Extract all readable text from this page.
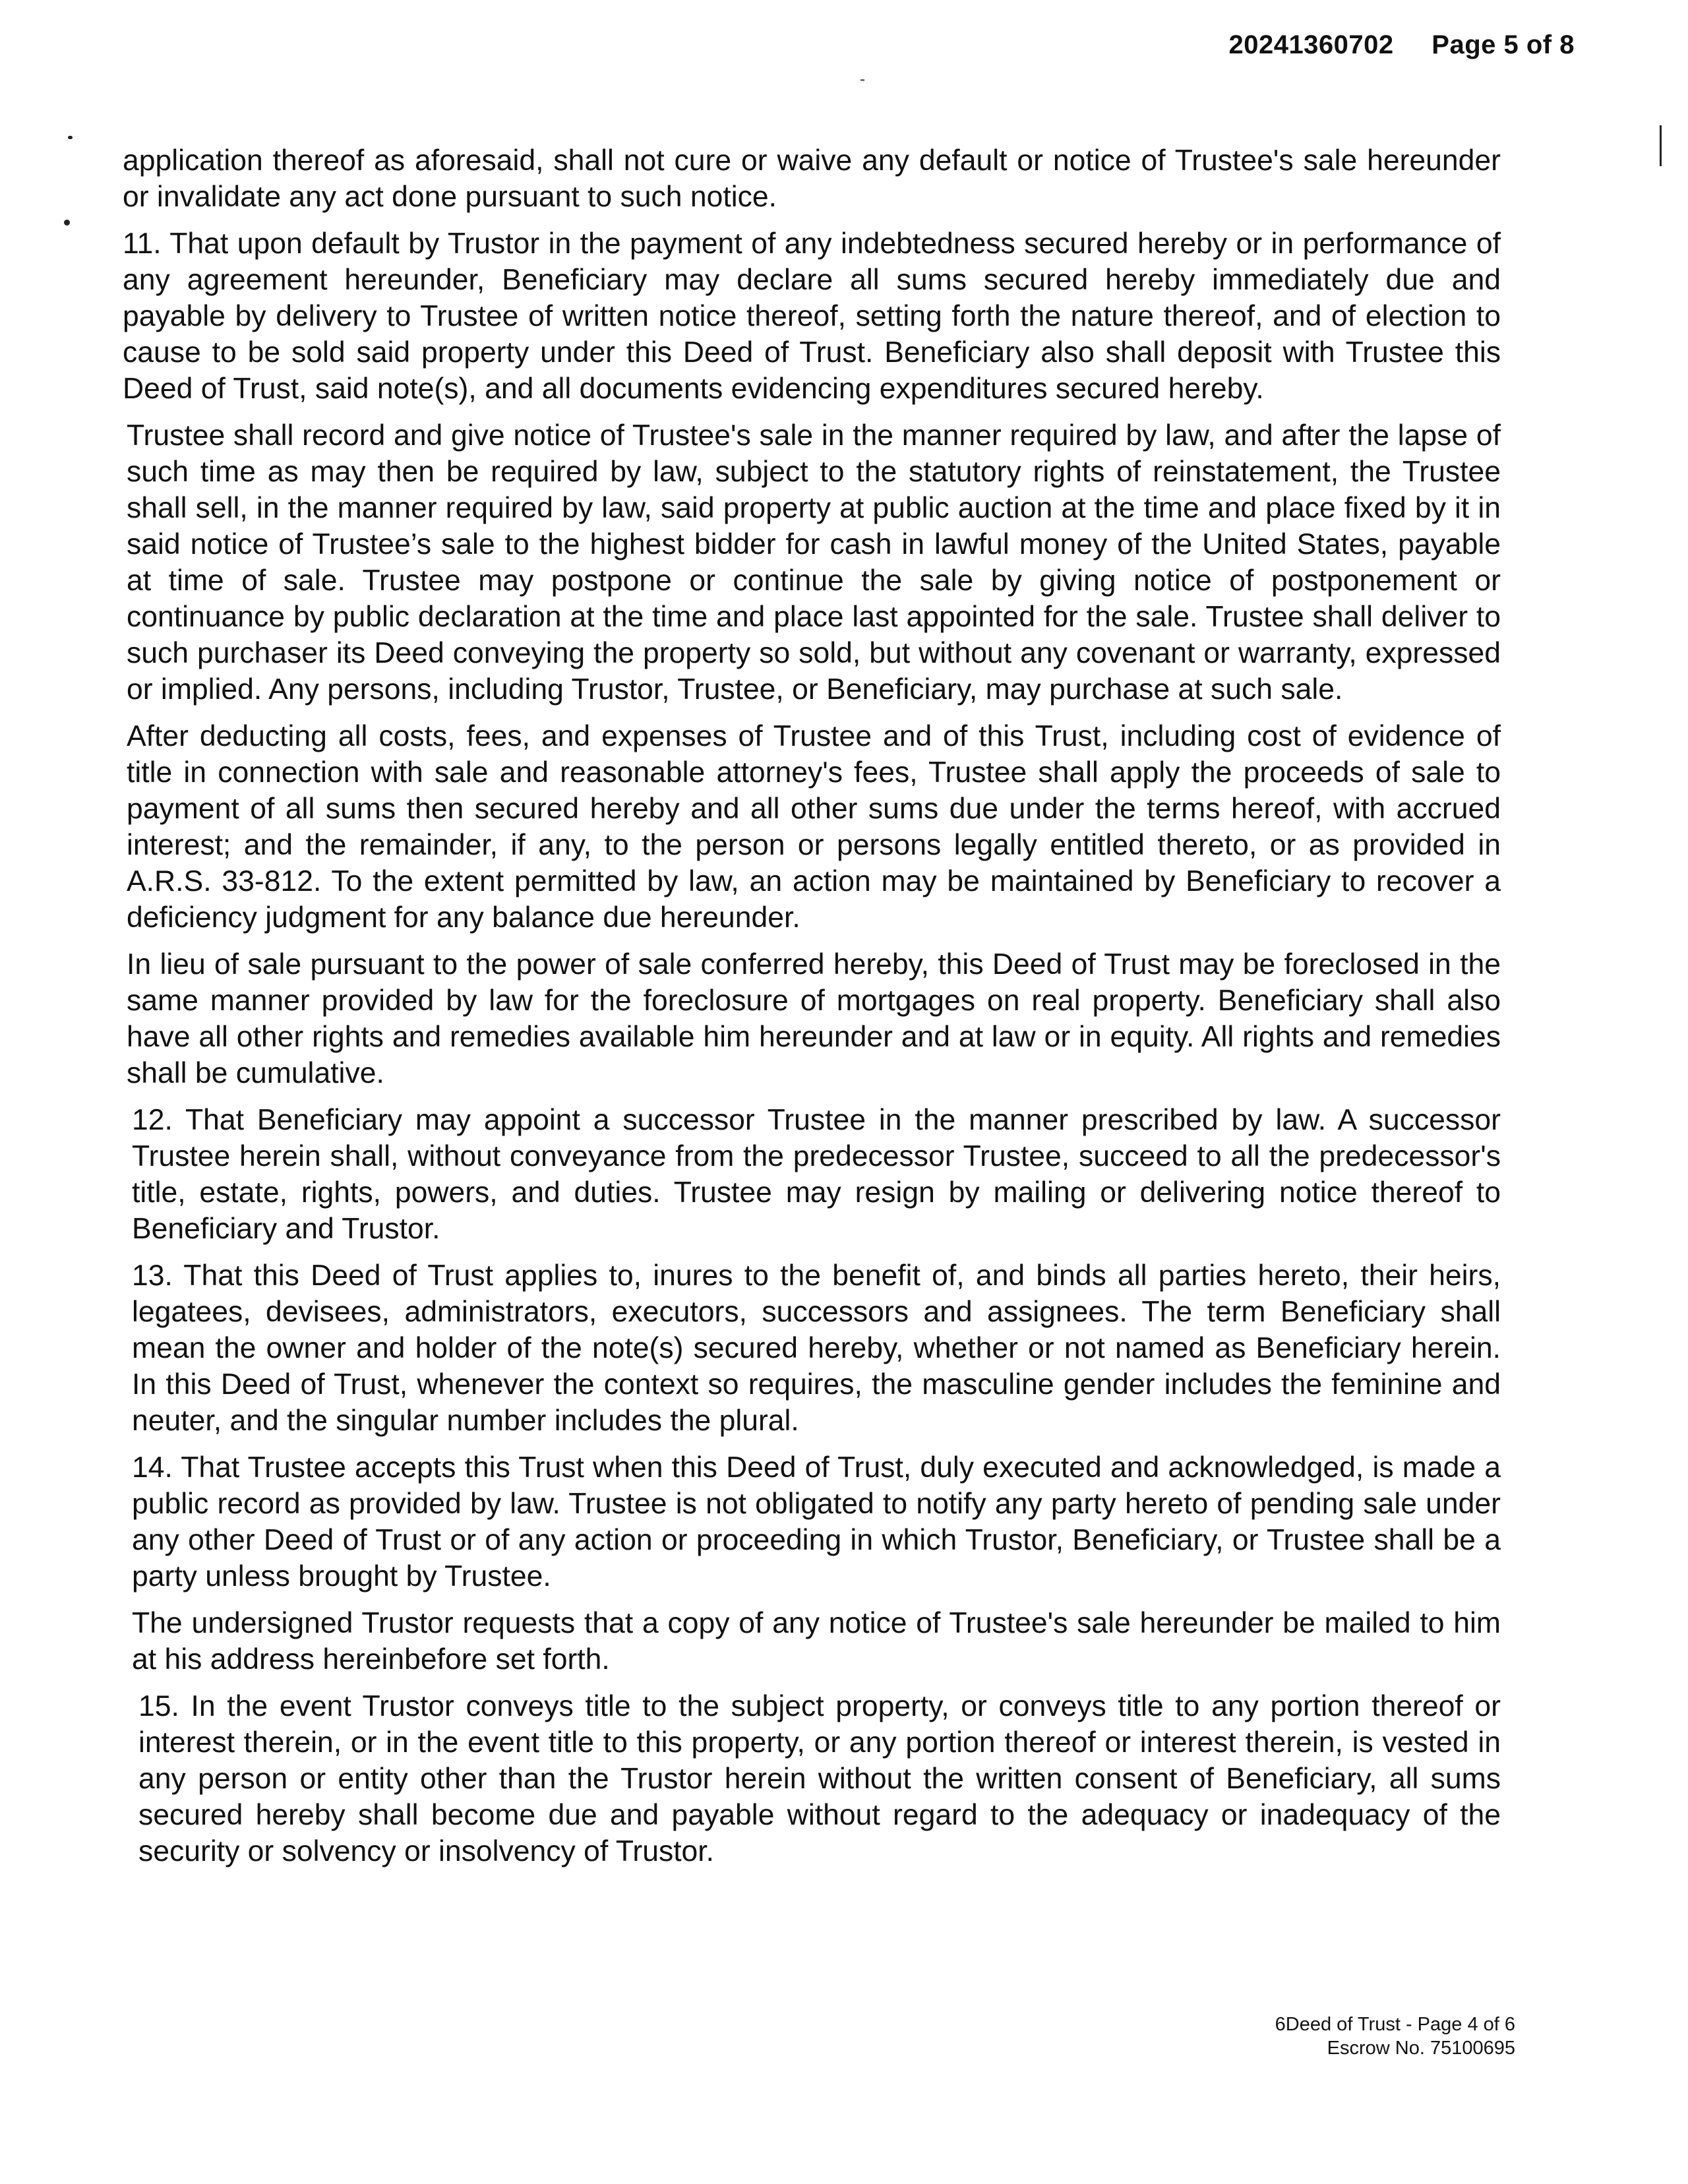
20241360702 Page 5 of 8

application thereof as aforesaid, shall not cure or waive any default or notice of Trustee's sale hereunder or invalidate any act done pursuant to such notice.

11. That upon default by Trustor in the payment of any indebtedness secured hereby or in performance of any agreement hereunder, Beneficiary may declare all sums secured hereby immediately due and payable by delivery to Trustee of written notice thereof, setting forth the nature thereof, and of election to cause to be sold said property under this Deed of Trust. Beneficiary also shall deposit with Trustee this Deed of Trust, said note(s), and all documents evidencing expenditures secured hereby.

Trustee shall record and give notice of Trustee's sale in the manner required by law, and after the lapse of such time as may then be required by law, subject to the statutory rights of reinstatement, the Trustee shall sell, in the manner required by law, said property at public auction at the time and place fixed by it in said notice of Trustee’s sale to the highest bidder for cash in lawful money of the United States, payable at time of sale. Trustee may postpone or continue the sale by giving notice of postponement or continuance by public declaration at the time and place last appointed for the sale. Trustee shall deliver to such purchaser its Deed conveying the property so sold, but without any covenant or warranty, expressed or implied. Any persons, including Trustor, Trustee, or Beneficiary, may purchase at such sale.

After deducting all costs, fees, and expenses of Trustee and of this Trust, including cost of evidence of title in connection with sale and reasonable attorney's fees, Trustee shall apply the proceeds of sale to payment of all sums then secured hereby and all other sums due under the terms hereof, with accrued interest; and the remainder, if any, to the person or persons legally entitled thereto, or as provided in A.R.S. 33-812. To the extent permitted by law, an action may be maintained by Beneficiary to recover a deficiency judgment for any balance due hereunder.

In lieu of sale pursuant to the power of sale conferred hereby, this Deed of Trust may be foreclosed in the same manner provided by law for the foreclosure of mortgages on real property. Beneficiary shall also have all other rights and remedies available him hereunder and at law or in equity. All rights and remedies shall be cumulative.

12. That Beneficiary may appoint a successor Trustee in the manner prescribed by law. A successor Trustee herein shall, without conveyance from the predecessor Trustee, succeed to all the predecessor's title, estate, rights, powers, and duties. Trustee may resign by mailing or delivering notice thereof to Beneficiary and Trustor.

13. That this Deed of Trust applies to, inures to the benefit of, and binds all parties hereto, their heirs, legatees, devisees, administrators, executors, successors and assignees. The term Beneficiary shall mean the owner and holder of the note(s) secured hereby, whether or not named as Beneficiary herein. In this Deed of Trust, whenever the context so requires, the masculine gender includes the feminine and neuter, and the singular number includes the plural.

14. That Trustee accepts this Trust when this Deed of Trust, duly executed and acknowledged, is made a public record as provided by law. Trustee is not obligated to notify any party hereto of pending sale under any other Deed of Trust or of any action or proceeding in which Trustor, Beneficiary, or Trustee shall be a party unless brought by Trustee.

The undersigned Trustor requests that a copy of any notice of Trustee's sale hereunder be mailed to him at his address hereinbefore set forth.

15. In the event Trustor conveys title to the subject property, or conveys title to any portion thereof or interest therein, or in the event title to this property, or any portion thereof or interest therein, is vested in any person or entity other than the Trustor herein without the written consent of Beneficiary, all sums secured hereby shall become due and payable without regard to the adequacy or inadequacy of the security or solvency or insolvency of Trustor.

6Deed of Trust - Page 4 of 6
Escrow No. 75100695
